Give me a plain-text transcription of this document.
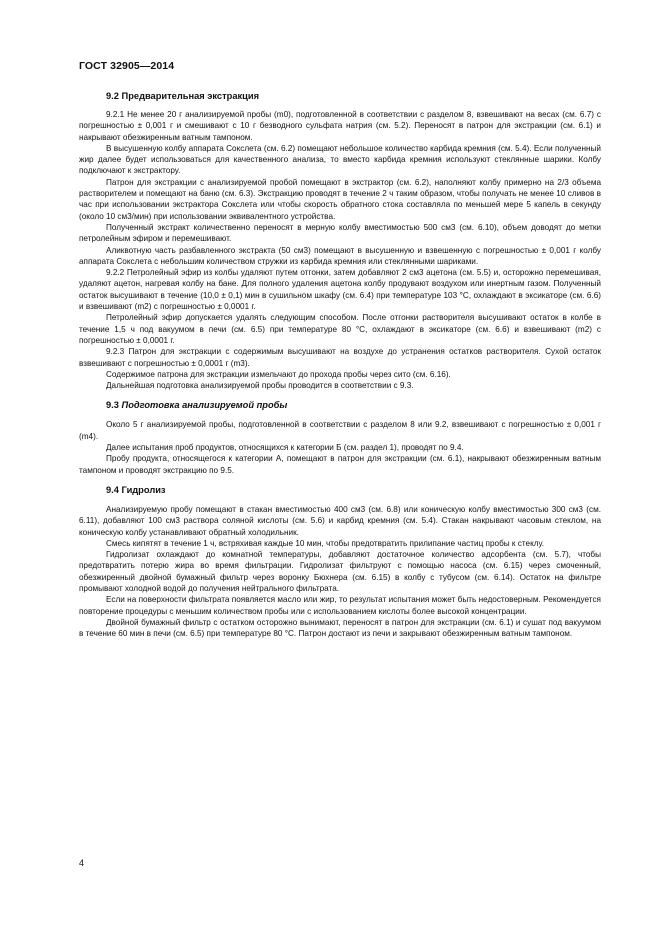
ГОСТ 32905—2014
9.2 Предварительная экстракция

9.2.1 Не менее 20 г анализируемой пробы (m0), подготовленной в соответствии с разделом 8, взвешивают на весах (см. 6.7) с погрешностью ± 0,001 г и смешивают с 10 г безводного сульфата натрия (см. 5.2). Переносят в патрон для экстракции (см. 6.1) и накрывают обезжиренным ватным тампоном.

В высушенную колбу аппарата Сокслета (см. 6.2) помещают небольшое количество карбида кремния (см. 5.4). Если полученный жир далее будет использоваться для качественного анализа, то вместо карбида кремния используют стеклянные шарики. Колбу подключают к экстрактору.

Патрон для экстракции с анализируемой пробой помещают в экстрактор (см. 6.2), наполняют колбу примерно на 2/3 объема растворителем и помещают на баню (см. 6.3). Экстракцию проводят в течение 2 ч таким образом, чтобы получать не менее 10 сливов в час при использовании экстрактора Сокслета или чтобы скорость обратного стока составляла по меньшей мере 5 капель в секунду (около 10 см3/мин) при использовании эквивалентного устройства.

Полученный экстракт количественно переносят в мерную колбу вместимостью 500 см3 (см. 6.10), объем доводят до метки петролейным эфиром и перемешивают.

Аликвотную часть разбавленного экстракта (50 см3) помещают в высушенную и взвешенную с погрешностью ± 0,001 г колбу аппарата Сокслета с небольшим количеством стружки из карбида кремния или стеклянными шариками.

9.2.2 Петролейный эфир из колбы удаляют путем отгонки, затем добавляют 2 см3 ацетона (см. 5.5) и, осторожно перемешивая, удаляют ацетон, нагревая колбу на бане. Для полного удаления ацетона колбу продувают воздухом или инертным газом. Полученный остаток высушивают в течение (10,0 ± 0,1) мин в сушильном шкафу (см. 6.4) при температуре 103 °С, охлаждают в эксикаторе (см. 6.6) и взвешивают (m2) с погрешностью ± 0,0001 г.

Петролейный эфир допускается удалять следующим способом. После отгонки растворителя высушивают остаток в колбе в течение 1,5 ч под вакуумом в печи (см. 6.5) при температуре 80 °С, охлаждают в эксикаторе (см. 6.6) и взвешивают (m2) с погрешностью ± 0,0001 г.

9.2.3 Патрон для экстракции с содержимым высушивают на воздухе до устранения остатков растворителя. Сухой остаток взвешивают с погрешностью ± 0,0001 г (m3).

Содержимое патрона для экстракции измельчают до прохода пробы через сито (см. 6.16).

Дальнейшая подготовка анализируемой пробы проводится в соответствии с 9.3.

9.3 Подготовка анализируемой пробы

Около 5 г анализируемой пробы, подготовленной в соответствии с разделом 8 или 9.2, взвешивают с погрешностью ± 0,001 г (m4).

Далее испытания проб продуктов, относящихся к категории Б (см. раздел 1), проводят по 9.4.

Пробу продукта, относящегося к категории А, помещают в патрон для экстракции (см. 6.1), накрывают обезжиренным ватным тампоном и проводят экстракцию по 9.5.

9.4 Гидролиз

Анализируемую пробу помещают в стакан вместимостью 400 см3 (см. 6.8) или коническую колбу вместимостью 300 см3 (см. 6.11), добавляют 100 см3 раствора соляной кислоты (см. 5.6) и карбид кремния (см. 5.4). Стакан накрывают часовым стеклом, на коническую колбу устанавливают обратный холодильник.

Смесь кипятят в течение 1 ч, встряхивая каждые 10 мин, чтобы предотвратить прилипание частиц пробы к стеклу.

Гидролизат охлаждают до комнатной температуры, добавляют достаточное количество адсорбента (см. 5.7), чтобы предотвратить потерю жира во время фильтрации. Гидролизат фильтруют с помощью насоса (см. 6.15) через смоченный, обезжиренный двойной бумажный фильтр через воронку Бюхнера (см. 6.15) в колбу с тубусом (см. 6.14). Остаток на фильтре промывают холодной водой до получения нейтрального фильтрата.

Если на поверхности фильтрата появляется масло или жир, то результат испытания может быть недостоверным. Рекомендуется повторение процедуры с меньшим количеством пробы или с использованием кислоты более высокой концентрации.

Двойной бумажный фильтр с остатком осторожно вынимают, переносят в патрон для экстракции (см. 6.1) и сушат под вакуумом в течение 60 мин в печи (см. 6.5) при температуре 80 °С. Патрон достают из печи и закрывают обезжиренным ватным тампоном.

4
